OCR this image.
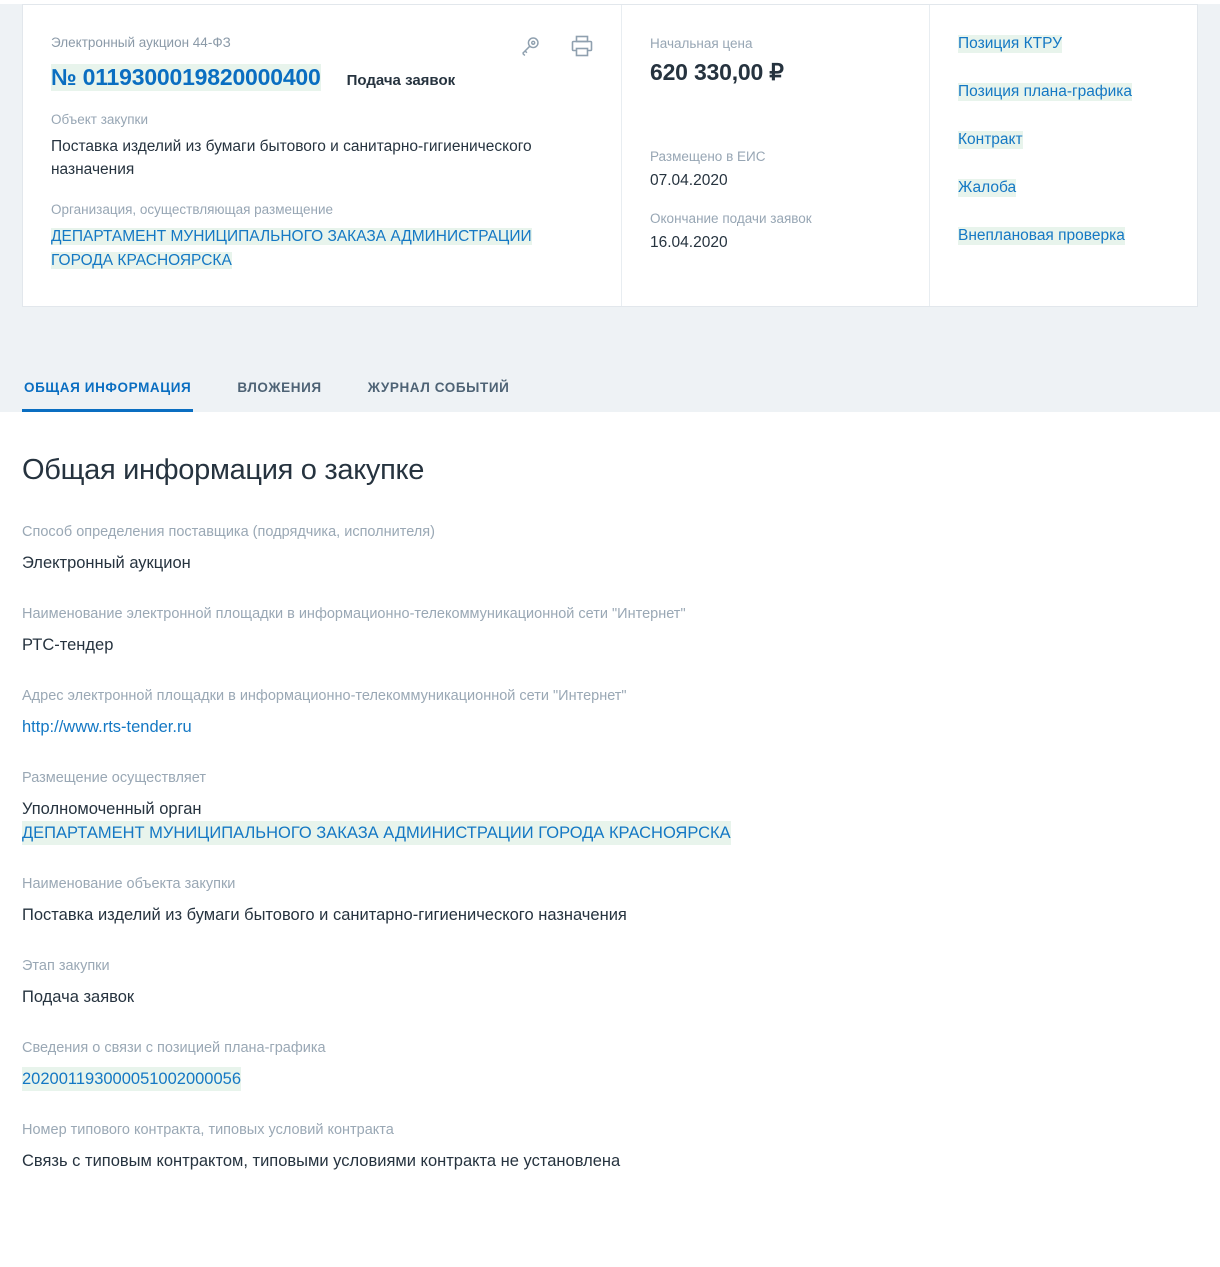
Электронный аукцион 44-ФЗ
№ 0119300019820000400 Подача заявок
Объект закупки
Поставка изделий из бумаги бытового и санитарно-гигиенического назначения
Организация, осуществляющая размещение
ДЕПАРТАМЕНТ МУНИЦИПАЛЬНОГО ЗАКАЗА АДМИНИСТРАЦИИ ГОРОДА КРАСНОЯРСКА
Начальная цена
620 330,00 ₽
Размещено в ЕИС
07.04.2020
Окончание подачи заявок
16.04.2020
Позиция КТРУ
Позиция плана-графика
Контракт
Жалоба
Внеплановая проверка
ОБЩАЯ ИНФОРМАЦИЯ	ВЛОЖЕНИЯ	ЖУРНАЛ СОБЫТИЙ
Общая информация о закупке
Способ определения поставщика (подрядчика, исполнителя)
Электронный аукцион
Наименование электронной площадки в информационно-телекоммуникационной сети "Интернет"
РТС-тендер
Адрес электронной площадки в информационно-телекоммуникационной сети "Интернет"
http://www.rts-tender.ru
Размещение осуществляет
Уполномоченный орган
ДЕПАРТАМЕНТ МУНИЦИПАЛЬНОГО ЗАКАЗА АДМИНИСТРАЦИИ ГОРОДА КРАСНОЯРСКА
Наименование объекта закупки
Поставка изделий из бумаги бытового и санитарно-гигиенического назначения
Этап закупки
Подача заявок
Сведения о связи с позицией плана-графика
202001193000051002000056
Номер типового контракта, типовых условий контракта
Связь с типовым контрактом, типовыми условиями контракта не установлена
